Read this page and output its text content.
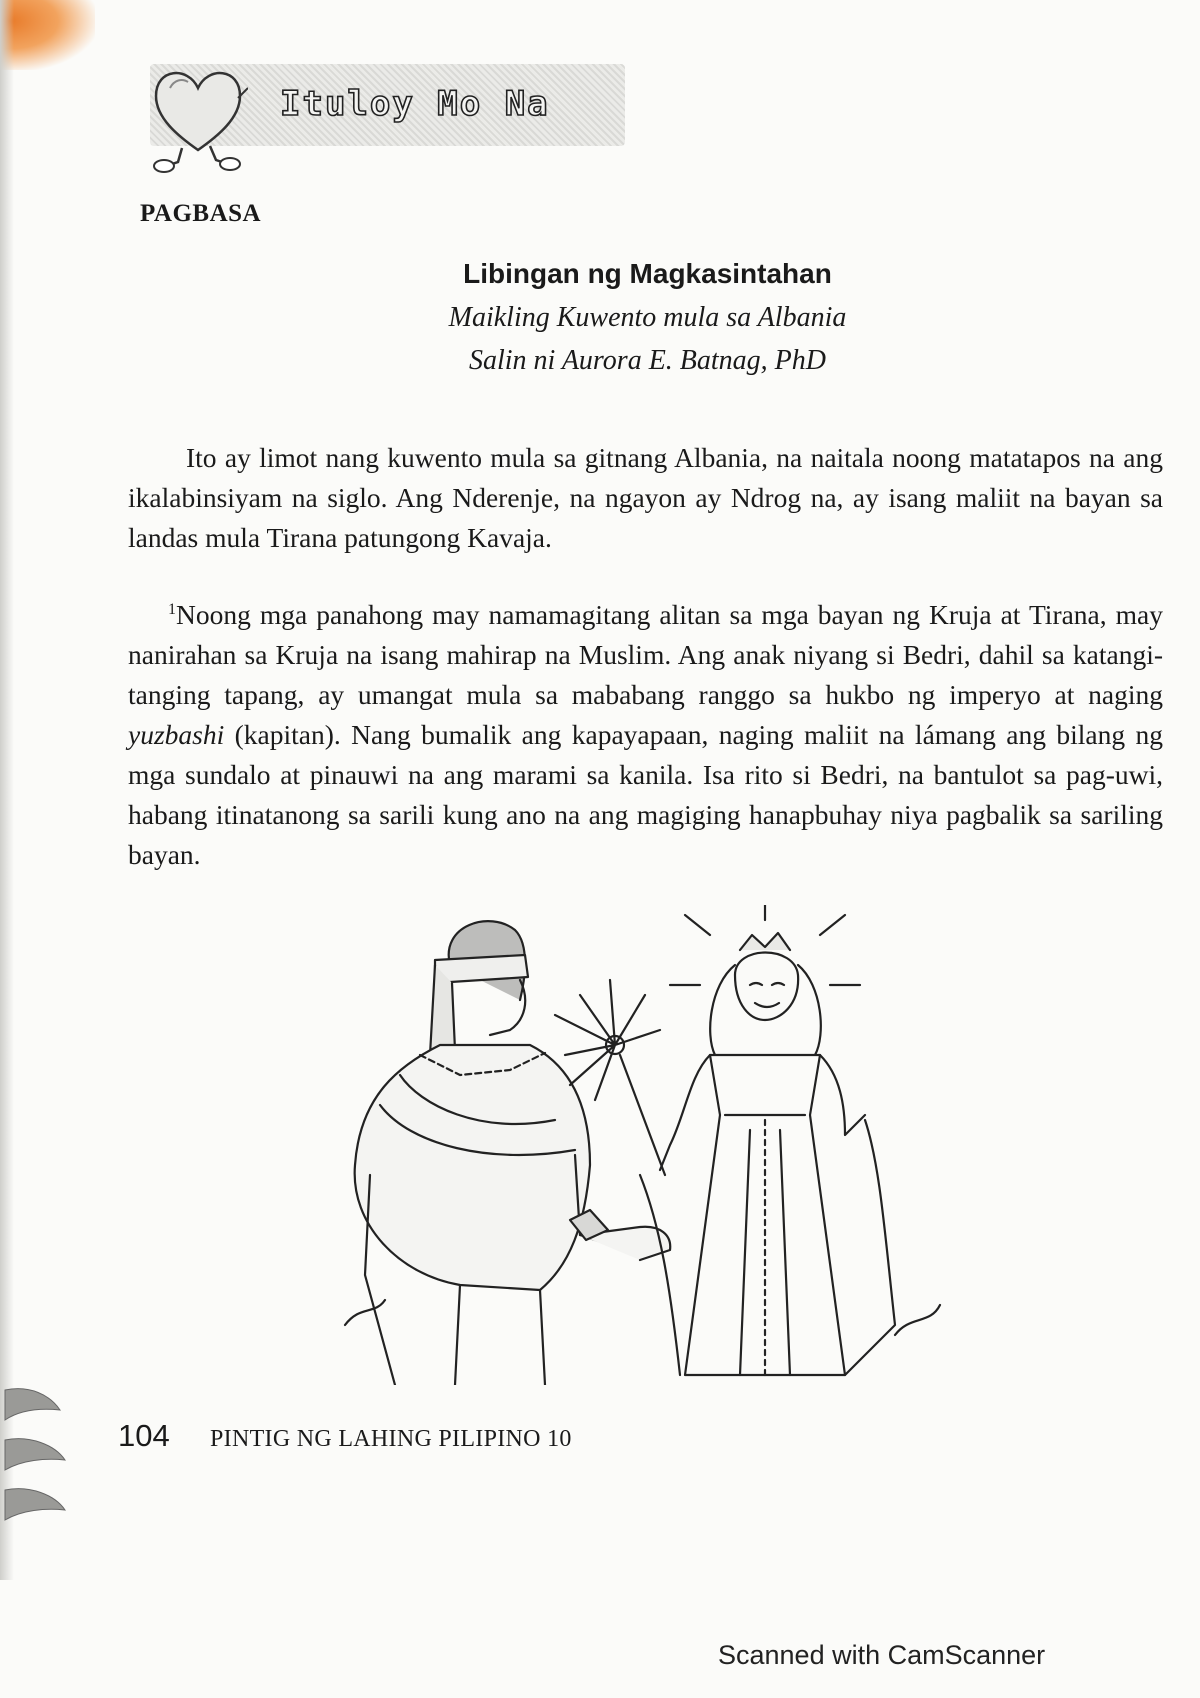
Ituloy Mo Na
PAGBASA
Libingan ng Magkasintahan
Maikling Kuwento mula sa Albania
Salin ni Aurora E. Batnag, PhD

Ito ay limot nang kuwento mula sa gitnang Albania, na naitala noong matatapos na ang ikalabinsiyam na siglo. Ang Nderenje, na ngayon ay Ndrog na, ay isang maliit na bayan sa landas mula Tirana patungong Kavaja.

$^1$Noong mga panahong may namamagitang alitan sa mga bayan ng Kruja at Tirana, may nanirahan sa Kruja na isang mahirap na Muslim. Ang anak niyang si Bedri, dahil sa katangi-tanging tapang, ay umangat mula sa mababang ranggo sa hukbo ng imperyo at naging yuzbashi (kapitan). Nang bumalik ang kapayapaan, naging maliit na lámang ang bilang ng mga sundalo at pinauwi na ang marami sa kanila. Isa rito si Bedri, na bantulot sa pag-uwi, habang itinatanong sa sarili kung ano na ang magiging hanapbuhay niya pagbalik sa sariling bayan.

104 PINTIG NG LAHING PILIPINO 10
Scanned with CamScanner
